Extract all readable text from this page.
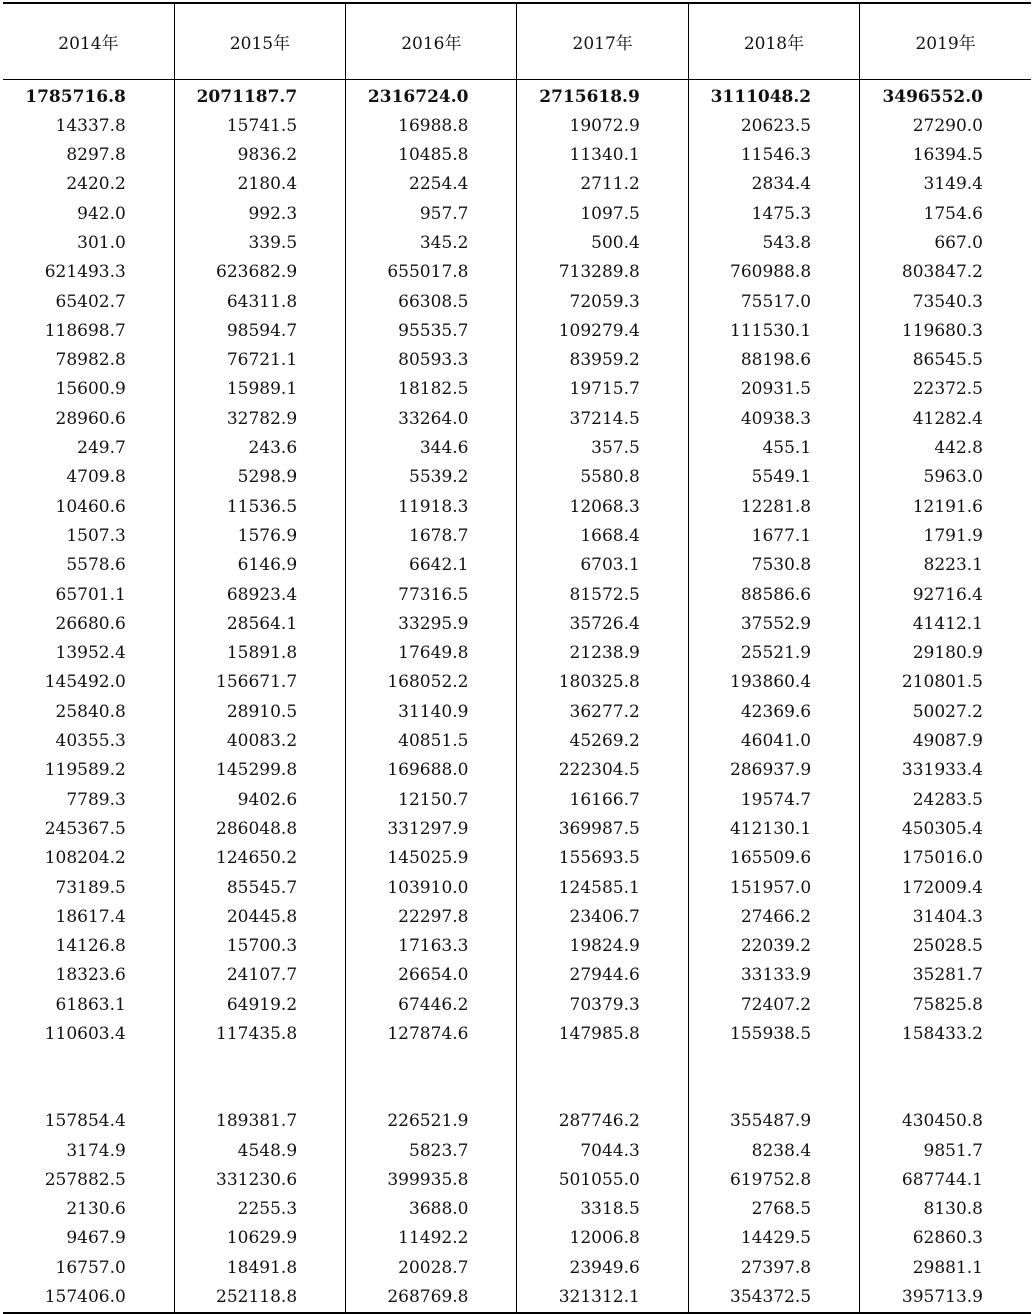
2014年	2015年	2016年	2017年	2018年	2019年
1785716.8	2071187.7	2316724.0	2715618.9	3111048.2	3496552.0
14337.8	15741.5	16988.8	19072.9	20623.5	27290.0
8297.8	9836.2	10485.8	11340.1	11546.3	16394.5
2420.2	2180.4	2254.4	2711.2	2834.4	3149.4
942.0	992.3	957.7	1097.5	1475.3	1754.6
301.0	339.5	345.2	500.4	543.8	667.0
621493.3	623682.9	655017.8	713289.8	760988.8	803847.2
65402.7	64311.8	66308.5	72059.3	75517.0	73540.3
118698.7	98594.7	95535.7	109279.4	111530.1	119680.3
78982.8	76721.1	80593.3	83959.2	88198.6	86545.5
15600.9	15989.1	18182.5	19715.7	20931.5	22372.5
28960.6	32782.9	33264.0	37214.5	40938.3	41282.4
249.7	243.6	344.6	357.5	455.1	442.8
4709.8	5298.9	5539.2	5580.8	5549.1	5963.0
10460.6	11536.5	11918.3	12068.3	12281.8	12191.6
1507.3	1576.9	1678.7	1668.4	1677.1	1791.9
5578.6	6146.9	6642.1	6703.1	7530.8	8223.1
65701.1	68923.4	77316.5	81572.5	88586.6	92716.4
26680.6	28564.1	33295.9	35726.4	37552.9	41412.1
13952.4	15891.8	17649.8	21238.9	25521.9	29180.9
145492.0	156671.7	168052.2	180325.8	193860.4	210801.5
25840.8	28910.5	31140.9	36277.2	42369.6	50027.2
40355.3	40083.2	40851.5	45269.2	46041.0	49087.9
119589.2	145299.8	169688.0	222304.5	286937.9	331933.4
7789.3	9402.6	12150.7	16166.7	19574.7	24283.5
245367.5	286048.8	331297.9	369987.5	412130.1	450305.4
108204.2	124650.2	145025.9	155693.5	165509.6	175016.0
73189.5	85545.7	103910.0	124585.1	151957.0	172009.4
18617.4	20445.8	22297.8	23406.7	27466.2	31404.3
14126.8	15700.3	17163.3	19824.9	22039.2	25028.5
18323.6	24107.7	26654.0	27944.6	33133.9	35281.7
61863.1	64919.2	67446.2	70379.3	72407.2	75825.8
110603.4	117435.8	127874.6	147985.8	155938.5	158433.2

157854.4	189381.7	226521.9	287746.2	355487.9	430450.8
3174.9	4548.9	5823.7	7044.3	8238.4	9851.7
257882.5	331230.6	399935.8	501055.0	619752.8	687744.1
2130.6	2255.3	3688.0	3318.5	2768.5	8130.8
9467.9	10629.9	11492.2	12006.8	14429.5	62860.3
16757.0	18491.8	20028.7	23949.6	27397.8	29881.1
157406.0	252118.8	268769.8	321312.1	354372.5	395713.9
